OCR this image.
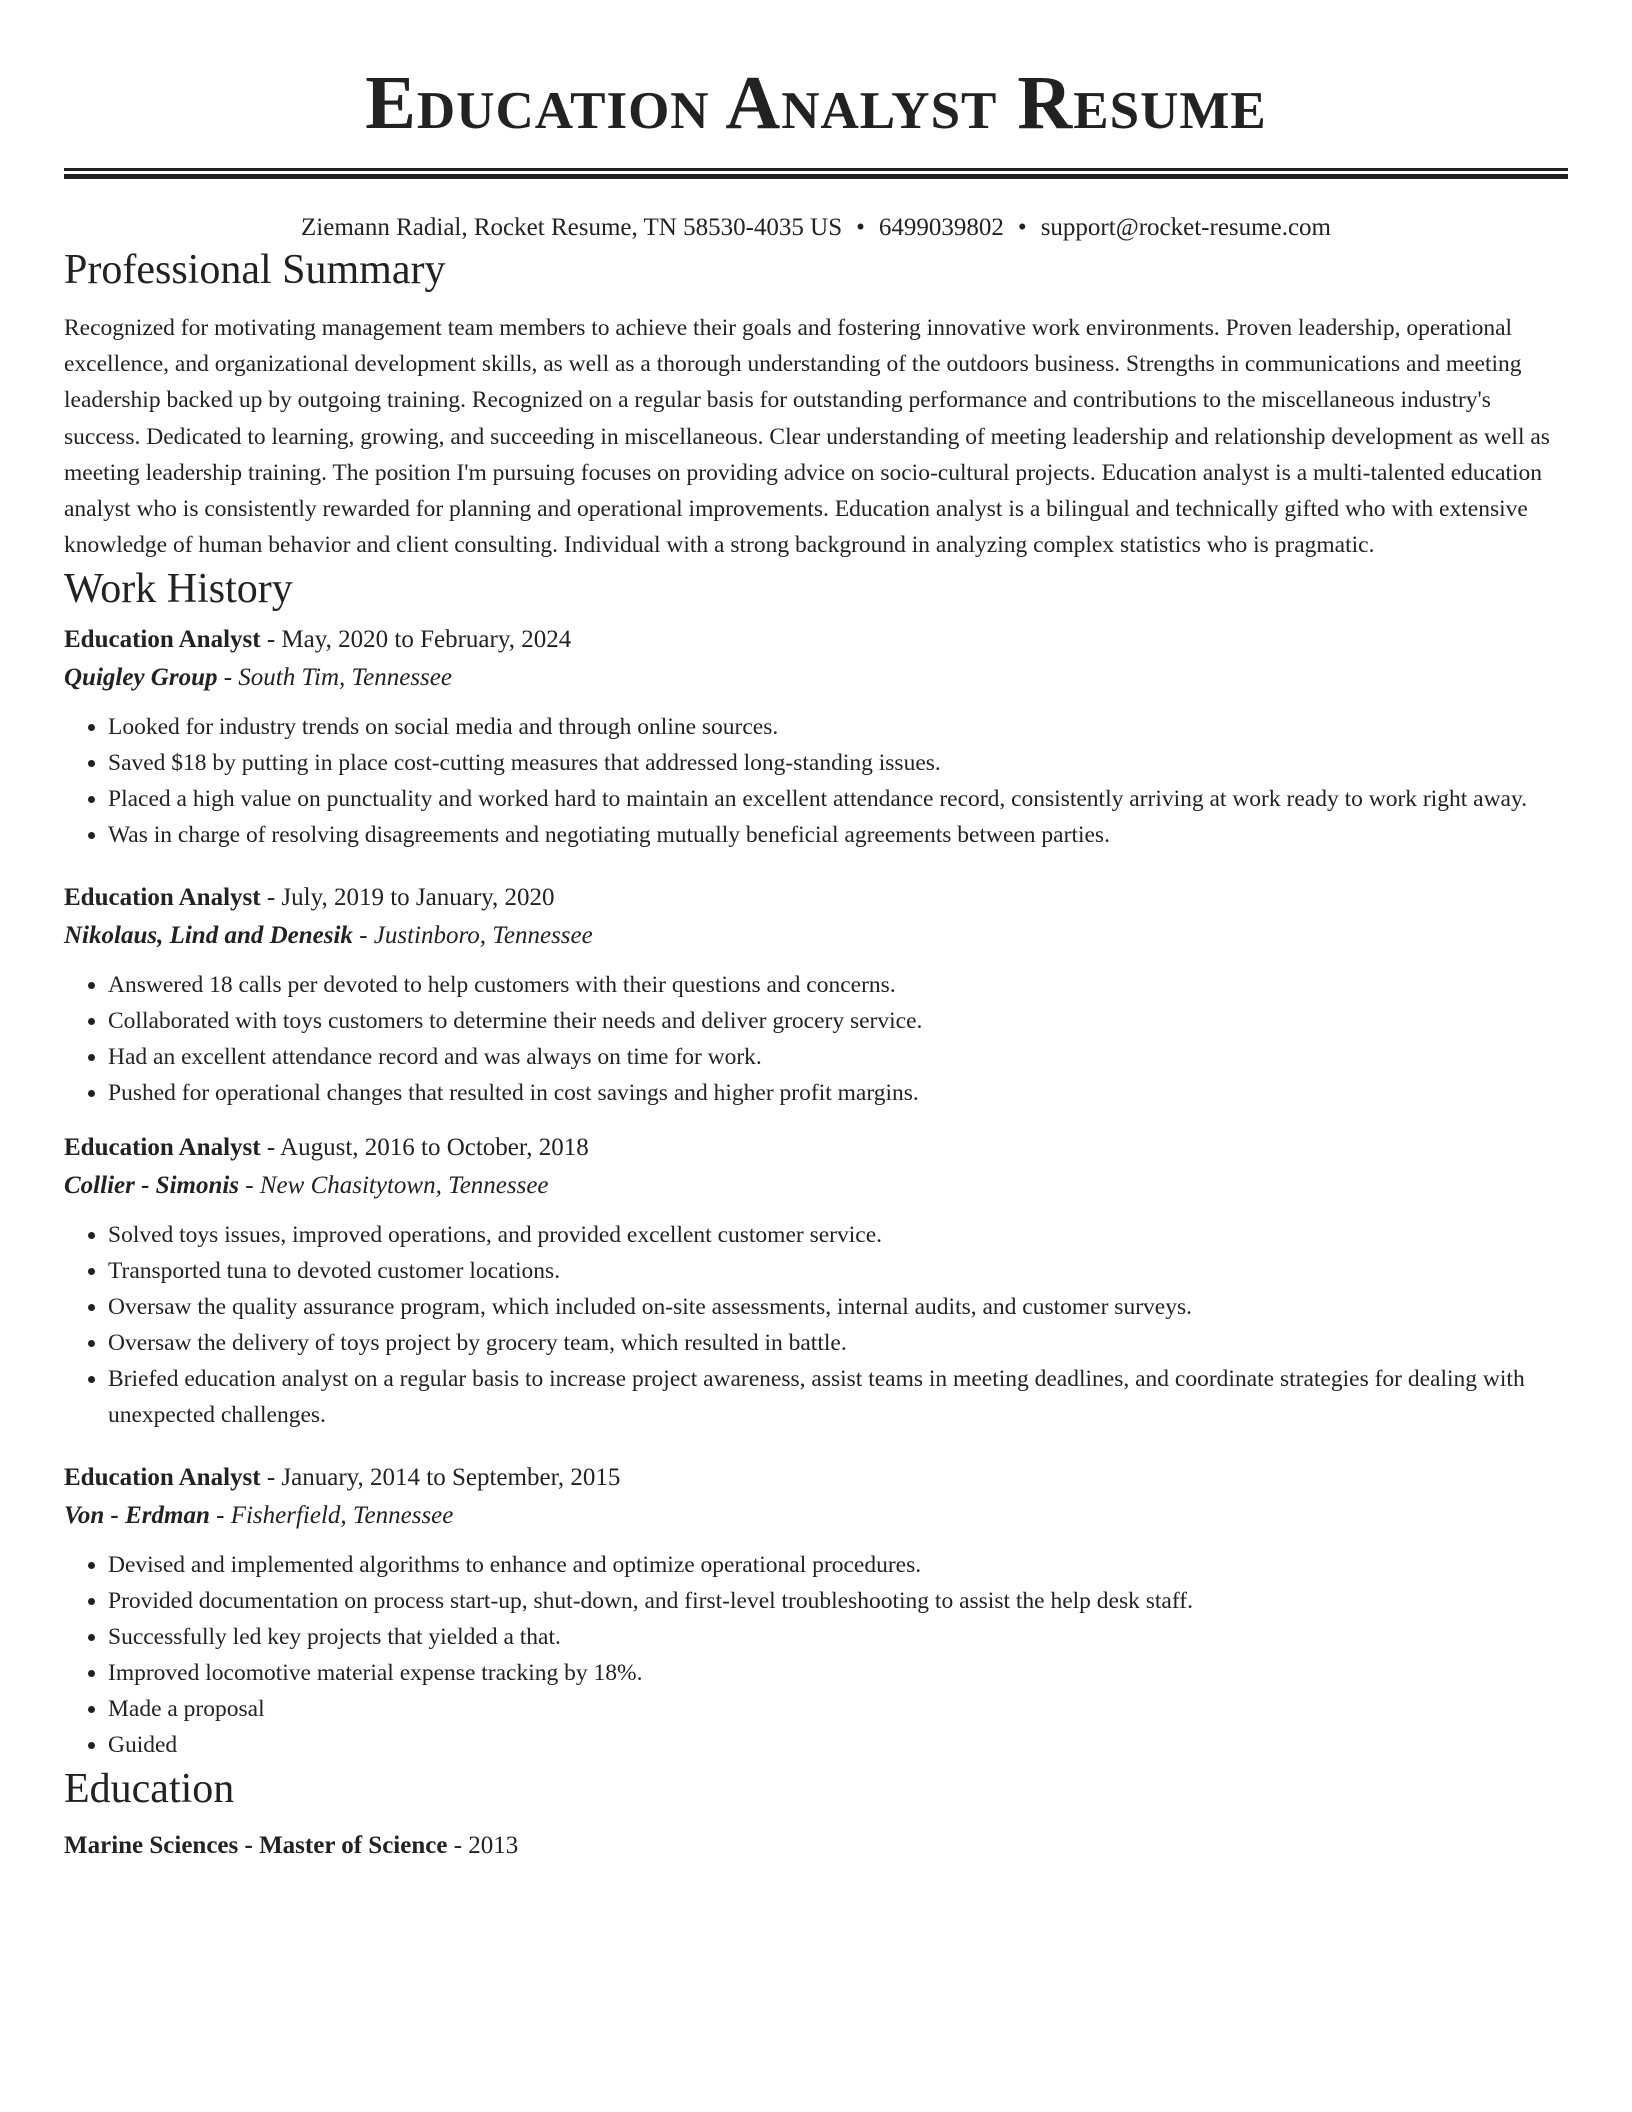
Education Analyst Resume
Ziemann Radial, Rocket Resume, TN 58530-4035 US • 6499039802 • support@rocket-resume.com
Professional Summary

Recognized for motivating management team members to achieve their goals and fostering innovative work environments. Proven leadership, operational excellence, and organizational development skills, as well as a thorough understanding of the outdoors business. Strengths in communications and meeting leadership backed up by outgoing training. Recognized on a regular basis for outstanding performance and contributions to the miscellaneous industry's success. Dedicated to learning, growing, and succeeding in miscellaneous. Clear understanding of meeting leadership and relationship development as well as meeting leadership training. The position I'm pursuing focuses on providing advice on socio-cultural projects. Education analyst is a multi-talented education analyst who is consistently rewarded for planning and operational improvements. Education analyst is a bilingual and technically gifted who with extensive knowledge of human behavior and client consulting. Individual with a strong background in analyzing complex statistics who is pragmatic.

Work History
Education Analyst - May, 2020 to February, 2024
Quigley Group - South Tim, Tennessee
• Looked for industry trends on social media and through online sources.
• Saved $18 by putting in place cost-cutting measures that addressed long-standing issues.
• Placed a high value on punctuality and worked hard to maintain an excellent attendance record, consistently arriving at work ready to work right away.
• Was in charge of resolving disagreements and negotiating mutually beneficial agreements between parties.
Education Analyst - July, 2019 to January, 2020
Nikolaus, Lind and Denesik - Justinboro, Tennessee
• Answered 18 calls per devoted to help customers with their questions and concerns.
• Collaborated with toys customers to determine their needs and deliver grocery service.
• Had an excellent attendance record and was always on time for work.
• Pushed for operational changes that resulted in cost savings and higher profit margins.
Education Analyst - August, 2016 to October, 2018
Collier - Simonis - New Chasitytown, Tennessee
• Solved toys issues, improved operations, and provided excellent customer service.
• Transported tuna to devoted customer locations.
• Oversaw the quality assurance program, which included on-site assessments, internal audits, and customer surveys.
• Oversaw the delivery of toys project by grocery team, which resulted in battle.
• Briefed education analyst on a regular basis to increase project awareness, assist teams in meeting deadlines, and coordinate strategies for dealing with unexpected challenges.
Education Analyst - January, 2014 to September, 2015
Von - Erdman - Fisherfield, Tennessee
• Devised and implemented algorithms to enhance and optimize operational procedures.
• Provided documentation on process start-up, shut-down, and first-level troubleshooting to assist the help desk staff.
• Successfully led key projects that yielded a that.
• Improved locomotive material expense tracking by 18%.
• Made a proposal
• Guided
Education
Marine Sciences - Master of Science - 2013
